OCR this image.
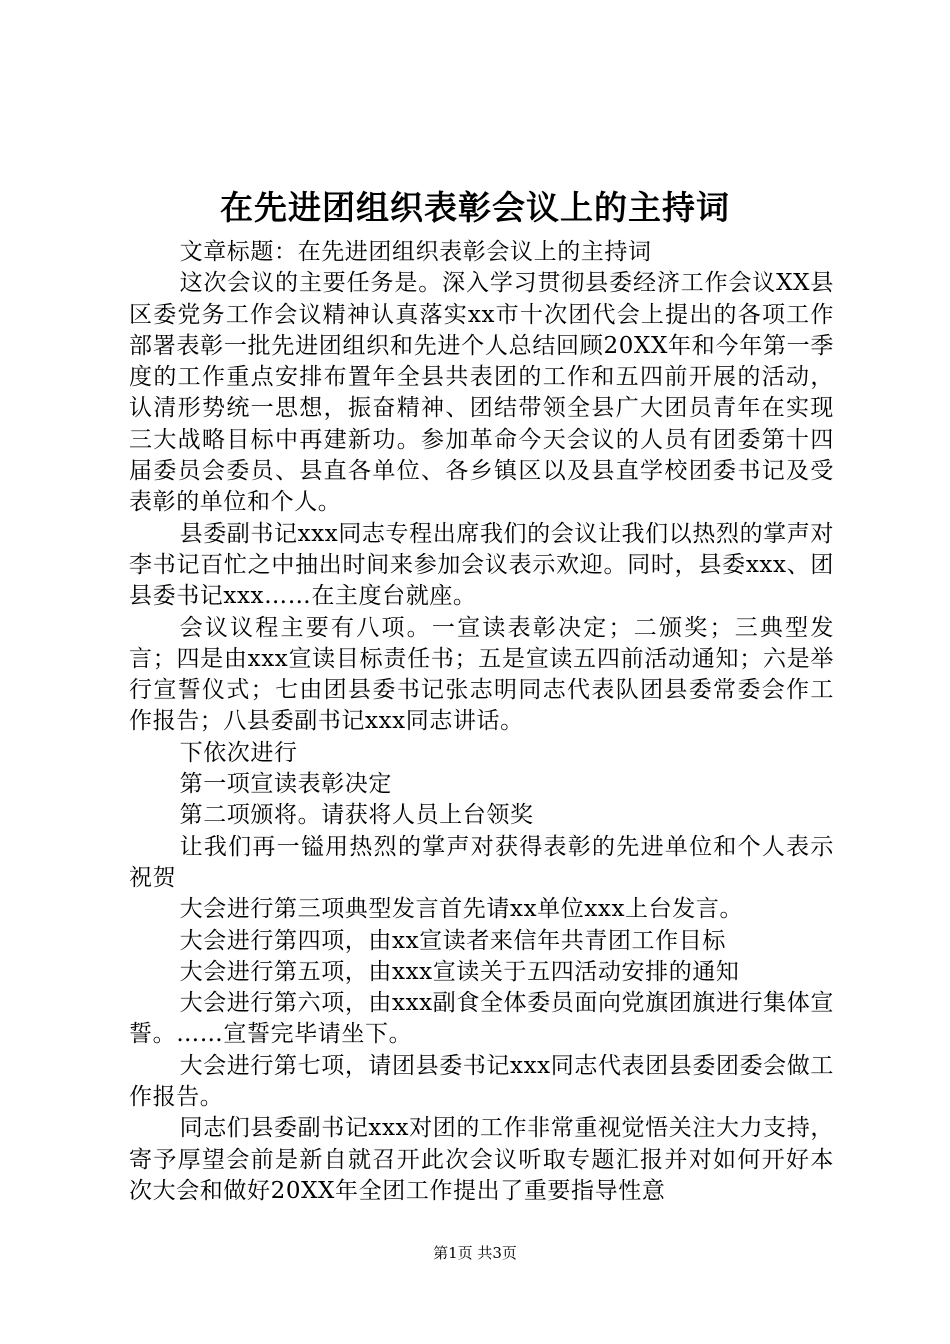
在先进团组织表彰会议上的主持词

文章标题：在先进团组织表彰会议上的主持词

这次会议的主要任务是。深入学习贯彻县委经济工作会议XX县区委党务工作会议精神认真落实xx市十次团代会上提出的各项工作部署表彰一批先进团组织和先进个人总结回顾20XX年和今年第一季度的工作重点安排布置年全县共表团的工作和五四前开展的活动，认清形势统一思想，振奋精神、团结带领全县广大团员青年在实现三大战略目标中再建新功。参加革命今天会议的人员有团委第十四届委员会委员、县直各单位、各乡镇区以及县直学校团委书记及受表彰的单位和个人。

县委副书记xxx同志专程出席我们的会议让我们以热烈的掌声对李书记百忙之中抽出时间来参加会议表示欢迎。同时，县委xxx、团县委书记xxx……在主度台就座。

会议议程主要有八项。一宣读表彰决定；二颁奖；三典型发言；四是由xxx宣读目标责任书；五是宣读五四前活动通知；六是举行宣誓仪式；七由团县委书记张志明同志代表队团县委常委会作工作报告；八县委副书记xxx同志讲话。

下依次进行

第一项宣读表彰决定

第二项颁将。请获将人员上台领奖

让我们再一镒用热烈的掌声对获得表彰的先进单位和个人表示祝贺

大会进行第三项典型发言首先请xx单位xxx上台发言。

大会进行第四项，由xx宣读者来信年共青团工作目标

大会进行第五项，由xxx宣读关于五四活动安排的通知

大会进行第六项，由xxx副食全体委员面向党旗团旗进行集体宣誓。……宣誓完毕请坐下。

大会进行第七项，请团县委书记xxx同志代表团县委团委会做工作报告。

同志们县委副书记xxx对团的工作非常重视觉悟关注大力支持，寄予厚望会前是新自就召开此次会议听取专题汇报并对如何开好本次大会和做好20XX年全团工作提出了重要指导性意

第1页 共3页
